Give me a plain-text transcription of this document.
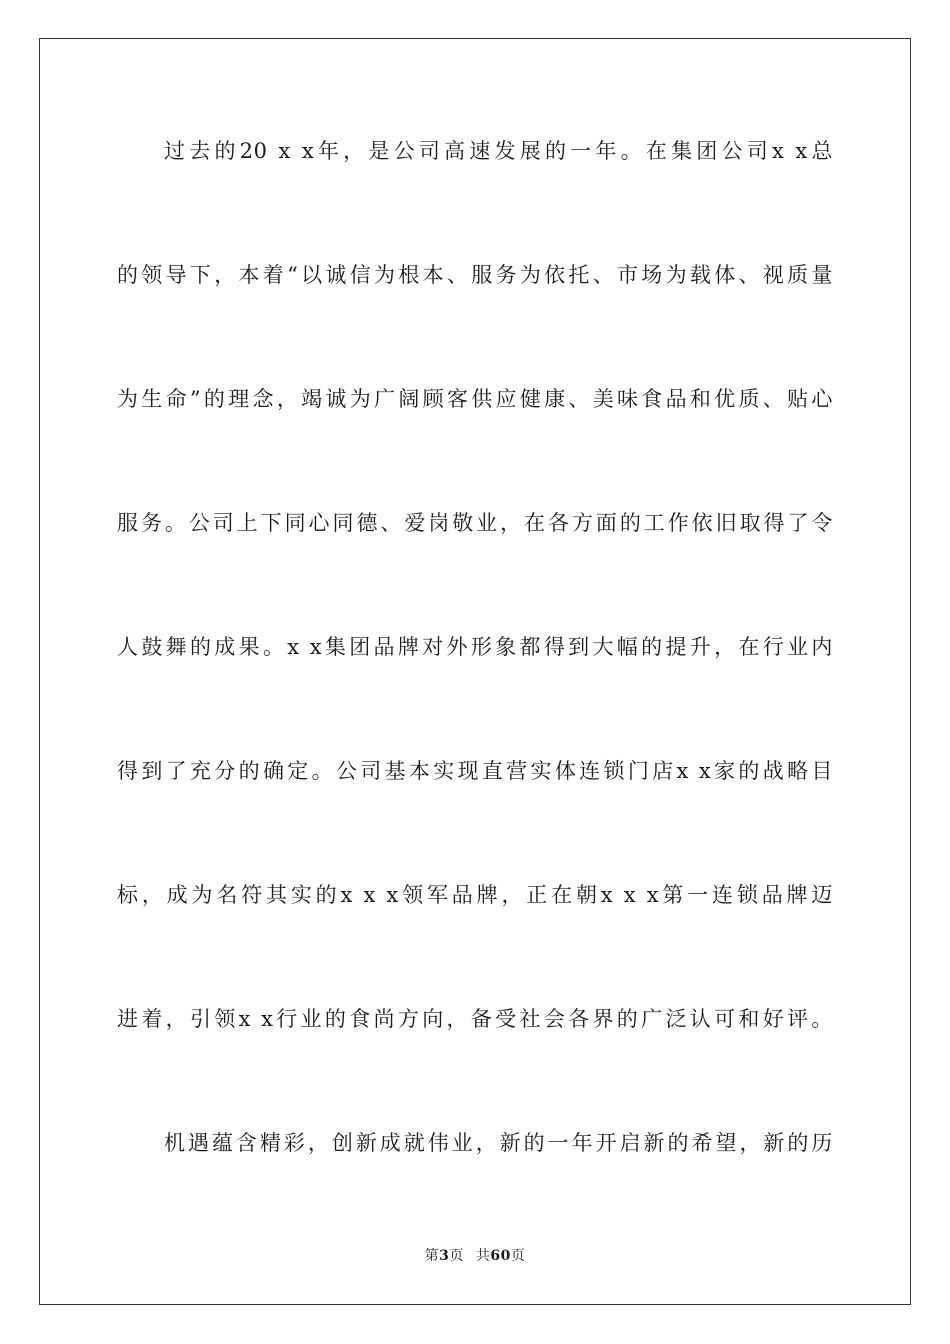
过去的20 x x年，是公司高速发展的一年。在集团公司x x总
的领导下，本着“以诚信为根本、服务为依托、市场为载体、视质量
为生命”的理念，竭诚为广阔顾客供应健康、美味食品和优质、贴心
服务。公司上下同心同德、爱岗敬业，在各方面的工作依旧取得了令
人鼓舞的成果。x x集团品牌对外形象都得到大幅的提升，在行业内
得到了充分的确定。公司基本实现直营实体连锁门店x x家的战略目
标，成为名符其实的x x x领军品牌，正在朝x x x第一连锁品牌迈
进着，引领x x行业的食尚方向，备受社会各界的广泛认可和好评。
机遇蕴含精彩，创新成就伟业，新的一年开启新的希望，新的历
第3页 共60页
